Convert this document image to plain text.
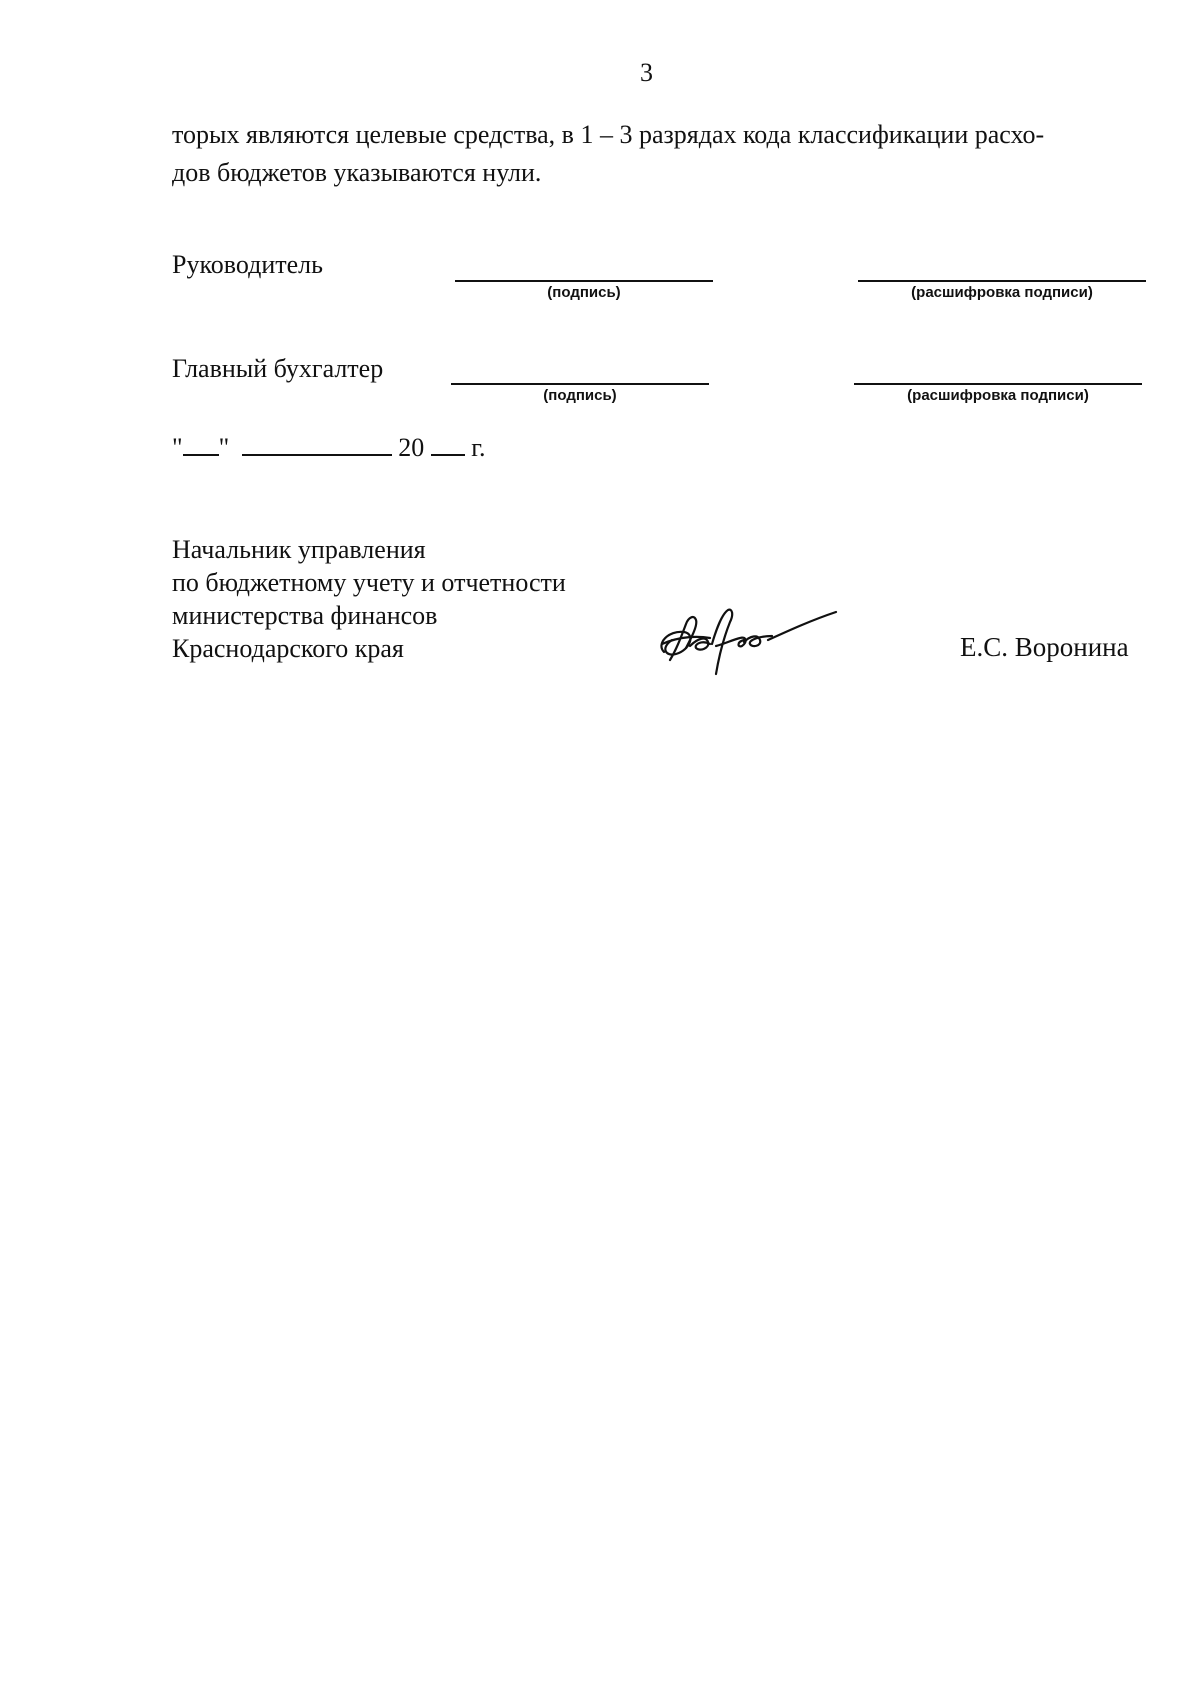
3
торых являются целевые средства, в 1 – 3 разрядах кода классификации расхо-
дов бюджетов указываются нули.
Руководитель
(подпись)	(расшифровка подписи)
Главный бухгалтер
(подпись)	(расшифровка подписи)
" "	20 г.
Начальник управления
по бюджетному учету и отчетности
министерства финансов
Краснодарского края	Е.С. Воронина
